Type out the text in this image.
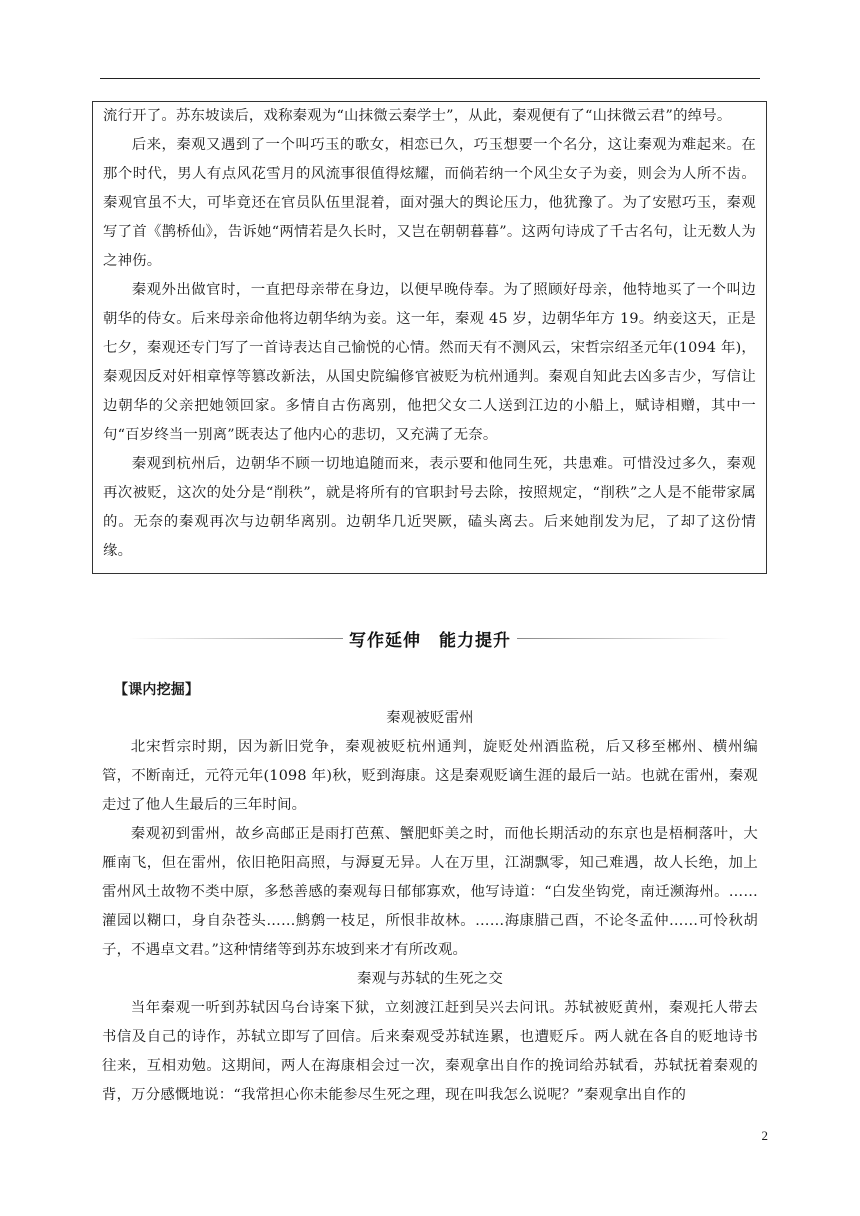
流行开了。苏东坡读后，戏称秦观为“山抹微云秦学士”，从此，秦观便有了“山抹微云君”的绰号。

后来，秦观又遇到了一个叫巧玉的歌女，相恋已久，巧玉想要一个名分，这让秦观为难起来。在那个时代，男人有点风花雪月的风流事很值得炫耀，而倘若纳一个风尘女子为妾，则会为人所不齿。秦观官虽不大，可毕竟还在官员队伍里混着，面对强大的舆论压力，他犹豫了。为了安慰巧玉，秦观写了首《鹊桥仙》，告诉她“两情若是久长时，又岂在朝朝暮暮”。这两句诗成了千古名句，让无数人为之神伤。

秦观外出做官时，一直把母亲带在身边，以便早晚侍奉。为了照顾好母亲，他特地买了一个叫边朝华的侍女。后来母亲命他将边朝华纳为妾。这一年，秦观 45 岁，边朝华年方 19。纳妾这天，正是七夕，秦观还专门写了一首诗表达自己愉悦的心情。然而天有不测风云，宋哲宗绍圣元年(1094 年)，秦观因反对奸相章惇等篡改新法，从国史院编修官被贬为杭州通判。秦观自知此去凶多吉少，写信让边朝华的父亲把她领回家。多情自古伤离别，他把父女二人送到江边的小船上，赋诗相赠，其中一句“百岁终当一别离”既表达了他内心的悲切，又充满了无奈。

秦观到杭州后，边朝华不顾一切地追随而来，表示要和他同生死，共患难。可惜没过多久，秦观再次被贬，这次的处分是“削秩”，就是将所有的官职封号去除，按照规定，“削秩”之人是不能带家属的。无奈的秦观再次与边朝华离别。边朝华几近哭厥，磕头离去。后来她削发为尼，了却了这份情缘。

写作延伸　能力提升

【课内挖掘】

秦观被贬雷州

北宋哲宗时期，因为新旧党争，秦观被贬杭州通判，旋贬处州酒监税，后又移至郴州、横州编管，不断南迁，元符元年(1098 年)秋，贬到海康。这是秦观贬谪生涯的最后一站。也就在雷州，秦观走过了他人生最后的三年时间。

秦观初到雷州，故乡高邮正是雨打芭蕉、蟹肥虾美之时，而他长期活动的东京也是梧桐落叶，大雁南飞，但在雷州，依旧艳阳高照，与溽夏无异。人在万里，江湖飘零，知己难遇，故人长绝，加上雷州风土故物不类中原，多愁善感的秦观每日郁郁寡欢，他写诗道：“白发坐钩党，南迁濒海州。……灌园以糊口，身自杂苍头……鹪鹩一枝足，所恨非故林。……海康腊己酉，不论冬孟仲……可怜秋胡子，不遇卓文君。”这种情绪等到苏东坡到来才有所改观。

秦观与苏轼的生死之交

当年秦观一听到苏轼因乌台诗案下狱，立刻渡江赶到吴兴去问讯。苏轼被贬黄州，秦观托人带去书信及自己的诗作，苏轼立即写了回信。后来秦观受苏轼连累，也遭贬斥。两人就在各自的贬地诗书往来，互相劝勉。这期间，两人在海康相会过一次，秦观拿出自作的挽词给苏轼看，苏轼抚着秦观的背，万分感慨地说：“我常担心你未能参尽生死之理，现在叫我怎么说呢？”秦观拿出自作的

2
